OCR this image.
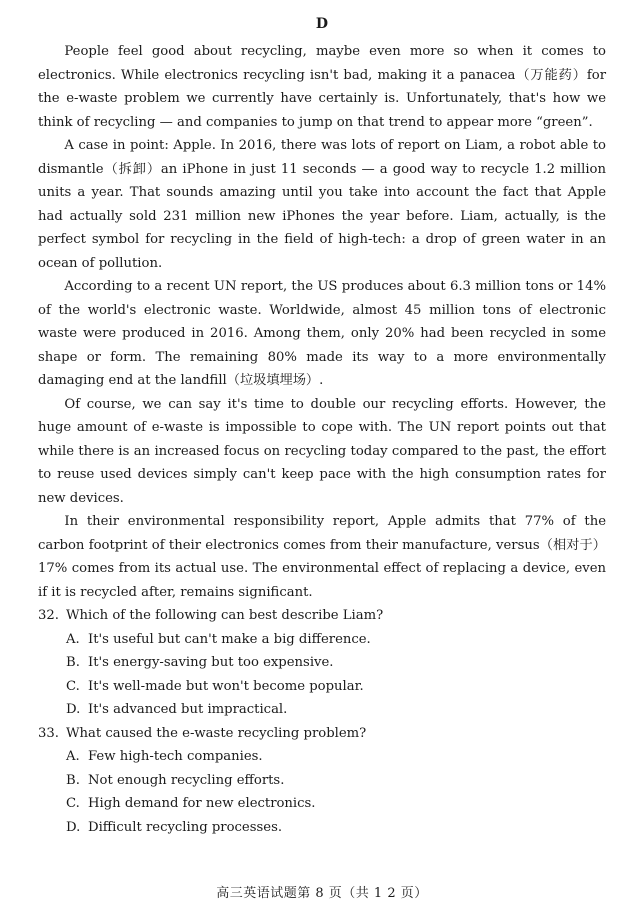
D

People feel good about recycling, maybe even more so when it comes to electronics. While electronics recycling isn't bad, making it a panacea（万能药）for the e-waste problem we currently have certainly is. Unfortunately, that's how we think of recycling — and companies to jump on that trend to appear more “green”.

A case in point: Apple. In 2016, there was lots of report on Liam, a robot able to dismantle（拆卸）an iPhone in just 11 seconds — a good way to recycle 1.2 million units a year. That sounds amazing until you take into account the fact that Apple had actually sold 231 million new iPhones the year before. Liam, actually, is the perfect symbol for recycling in the field of high-tech: a drop of green water in an ocean of pollution.

According to a recent UN report, the US produces about 6.3 million tons or 14% of the world's electronic waste. Worldwide, almost 45 million tons of electronic waste were produced in 2016. Among them, only 20% had been recycled in some shape or form. The remaining 80% made its way to a more environmentally damaging end at the landfill（垃圾填埋场）.

Of course, we can say it's time to double our recycling efforts. However, the huge amount of e-waste is impossible to cope with. The UN report points out that while there is an increased focus on recycling today compared to the past, the effort to reuse used devices simply can't keep pace with the high consumption rates for new devices.

In their environmental responsibility report, Apple admits that 77% of the carbon footprint of their electronics comes from their manufacture, versus（相对于）17% comes from its actual use. The environmental effect of replacing a device, even if it is recycled after, remains significant.

32. Which of the following can best describe Liam?

A. It's useful but can't make a big difference.
B. It's energy-saving but too expensive.
C. It's well-made but won't become popular.
D. It's advanced but impractical.

33. What caused the e-waste recycling problem?

A. Few high-tech companies.
B. Not enough recycling efforts.
C. High demand for new electronics.
D. Difficult recycling processes.
高三英语试题第 8 页（共 1 2 页）
